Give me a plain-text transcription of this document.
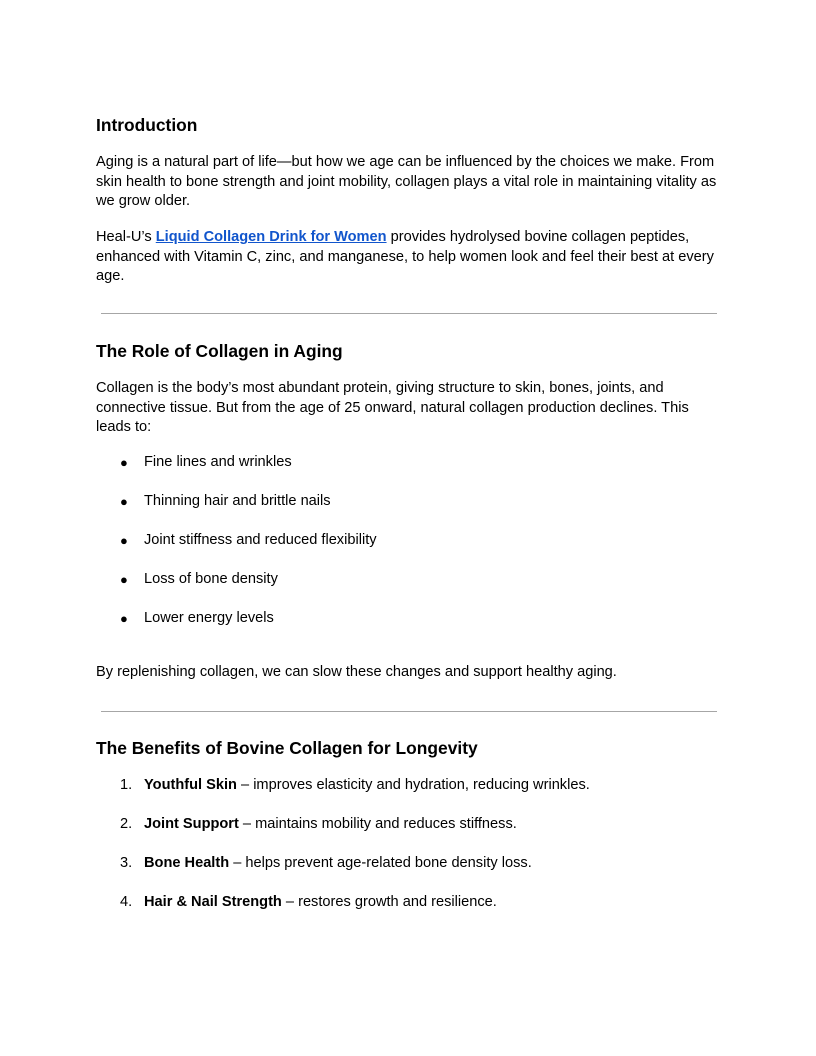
Introduction

Aging is a natural part of life—but how we age can be influenced by the choices we make. From skin health to bone strength and joint mobility, collagen plays a vital role in maintaining vitality as we grow older.

Heal-U’s Liquid Collagen Drink for Women provides hydrolysed bovine collagen peptides, enhanced with Vitamin C, zinc, and manganese, to help women look and feel their best at every age.

The Role of Collagen in Aging

Collagen is the body’s most abundant protein, giving structure to skin, bones, joints, and connective tissue. But from the age of 25 onward, natural collagen production declines. This leads to:

● Fine lines and wrinkles
● Thinning hair and brittle nails
● Joint stiffness and reduced flexibility
● Loss of bone density
● Lower energy levels

By replenishing collagen, we can slow these changes and support healthy aging.

The Benefits of Bovine Collagen for Longevity
1. Youthful Skin – improves elasticity and hydration, reducing wrinkles.
2. Joint Support – maintains mobility and reduces stiffness.
3. Bone Health – helps prevent age-related bone density loss.
4. Hair & Nail Strength – restores growth and resilience.
